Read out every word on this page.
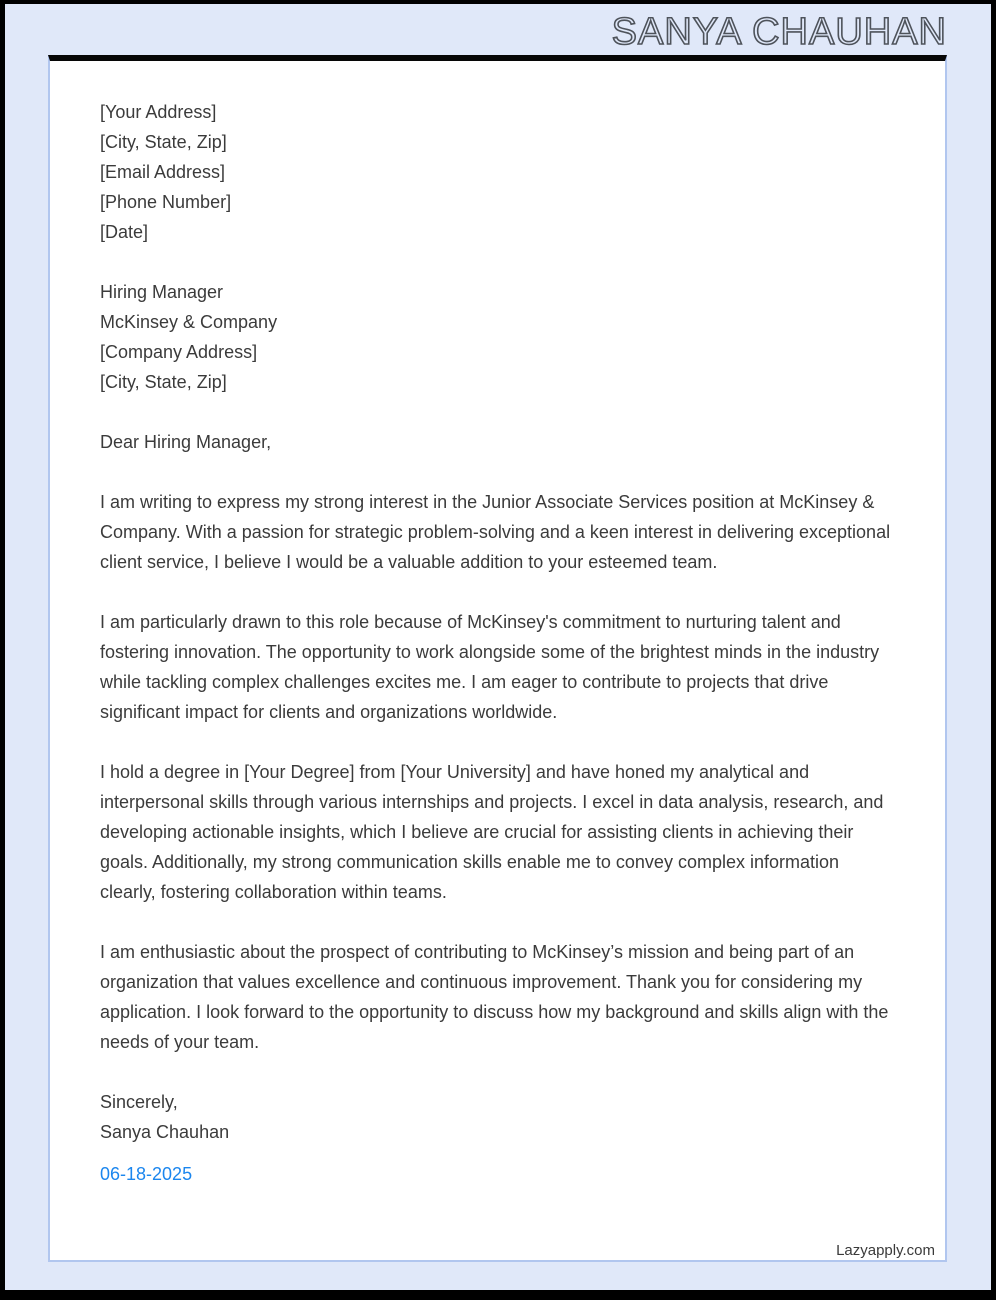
SANYA CHAUHAN
[Your Address]
[City, State, Zip]
[Email Address]
[Phone Number]
[Date]
Hiring Manager
McKinsey & Company
[Company Address]
[City, State, Zip]

Dear Hiring Manager,

I am writing to express my strong interest in the Junior Associate Services position at McKinsey & Company. With a passion for strategic problem-solving and a keen interest in delivering exceptional client service, I believe I would be a valuable addition to your esteemed team.

I am particularly drawn to this role because of McKinsey's commitment to nurturing talent and fostering innovation. The opportunity to work alongside some of the brightest minds in the industry while tackling complex challenges excites me. I am eager to contribute to projects that drive significant impact for clients and organizations worldwide.

I hold a degree in [Your Degree] from [Your University] and have honed my analytical and interpersonal skills through various internships and projects. I excel in data analysis, research, and developing actionable insights, which I believe are crucial for assisting clients in achieving their goals. Additionally, my strong communication skills enable me to convey complex information clearly, fostering collaboration within teams.

I am enthusiastic about the prospect of contributing to McKinsey’s mission and being part of an organization that values excellence and continuous improvement. Thank you for considering my application. I look forward to the opportunity to discuss how my background and skills align with the needs of your team.

Sincerely,
Sanya Chauhan
06-18-2025
Lazyapply.com
